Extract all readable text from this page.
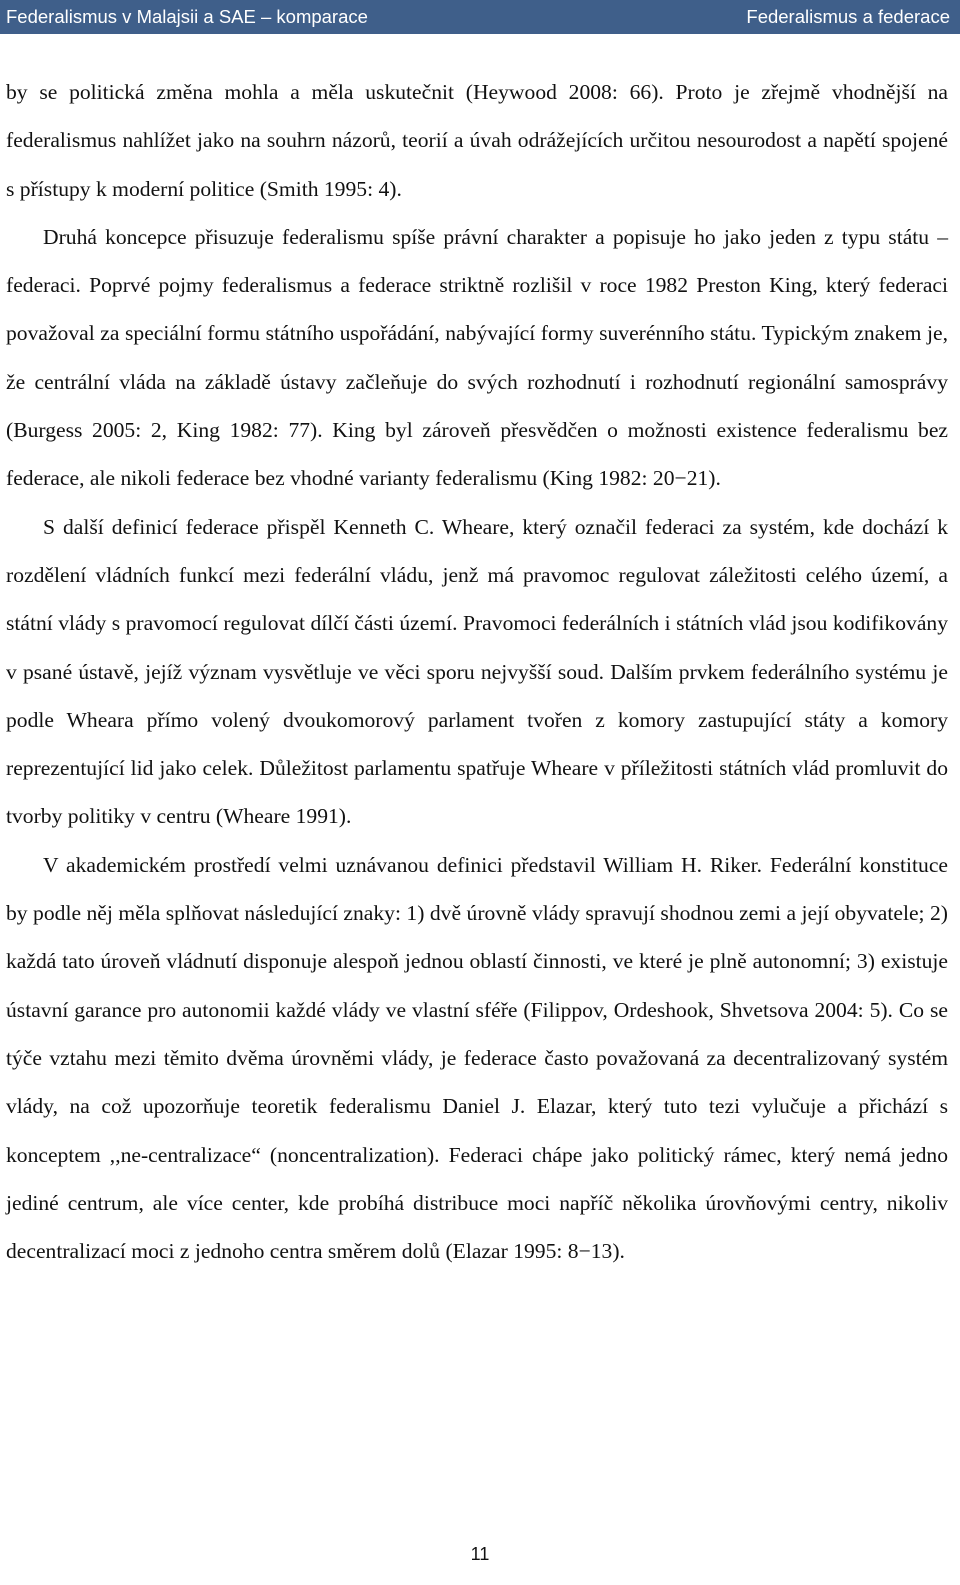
Federalismus v Malajsii a SAE – komparace	Federalismus a federace

by se politická změna mohla a měla uskutečnit (Heywood 2008: 66). Proto je zřejmě vhodnější na federalismus nahlížet jako na souhrn názorů, teorií a úvah odrážejících určitou nesourodost a napětí spojené s přístupy k moderní politice (Smith 1995: 4).

Druhá koncepce přisuzuje federalismu spíše právní charakter a popisuje ho jako jeden z typu státu – federaci. Poprvé pojmy federalismus a federace striktně rozlišil v roce 1982 Preston King, který federaci považoval za speciální formu státního uspořádání, nabývající formy suverénního státu. Typickým znakem je, že centrální vláda na základě ústavy začleňuje do svých rozhodnutí i rozhodnutí regionální samosprávy (Burgess 2005: 2, King 1982: 77). King byl zároveň přesvědčen o možnosti existence federalismu bez federace, ale nikoli federace bez vhodné varianty federalismu (King 1982: 20−21).

S další definicí federace přispěl Kenneth C. Wheare, který označil federaci za systém, kde dochází k rozdělení vládních funkcí mezi federální vládu, jenž má pravomoc regulovat záležitosti celého území, a státní vlády s pravomocí regulovat dílčí části území. Pravomoci federálních i státních vlád jsou kodifikovány v psané ústavě, jejíž význam vysvětluje ve věci sporu nejvyšší soud. Dalším prvkem federálního systému je podle Wheara přímo volený dvoukomorový parlament tvořen z komory zastupující státy a komory reprezentující lid jako celek. Důležitost parlamentu spatřuje Wheare v příležitosti státních vlád promluvit do tvorby politiky v centru (Wheare 1991).

V akademickém prostředí velmi uznávanou definici představil William H. Riker. Federální konstituce by podle něj měla splňovat následující znaky: 1) dvě úrovně vlády spravují shodnou zemi a její obyvatele; 2) každá tato úroveň vládnutí disponuje alespoň jednou oblastí činnosti, ve které je plně autonomní; 3) existuje ústavní garance pro autonomii každé vlády ve vlastní sféře (Filippov, Ordeshook, Shvetsova 2004: 5). Co se týče vztahu mezi těmito dvěma úrovněmi vlády, je federace často považovaná za decentralizovaný systém vlády, na což upozorňuje teoretik federalismu Daniel J. Elazar, který tuto tezi vylučuje a přichází s konceptem ,,ne-centralizace“ (noncentralization). Federaci chápe jako politický rámec, který nemá jedno jediné centrum, ale více center, kde probíhá distribuce moci napříč několika úrovňovými centry, nikoliv decentralizací moci z jednoho centra směrem dolů (Elazar 1995: 8−13).

11
